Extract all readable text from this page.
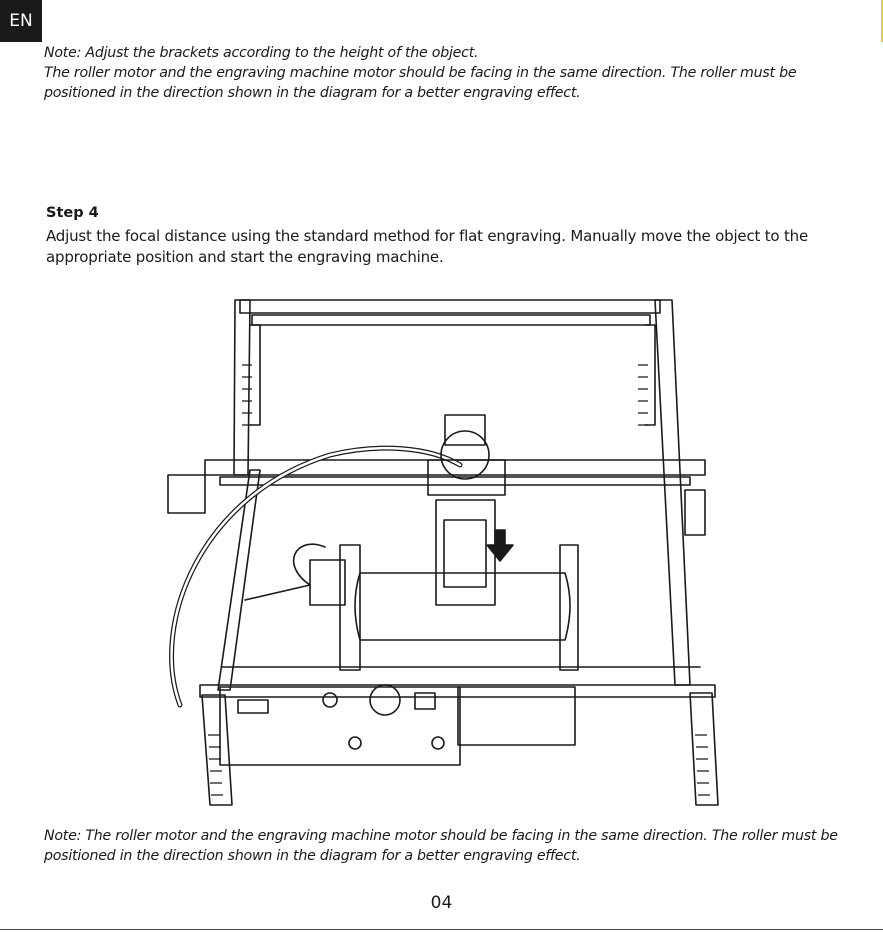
EN

Note: Adjust the brackets according to the height of the object.

The roller motor and the engraving machine motor should be facing in the same direction. The roller must be positioned in the direction shown in the diagram for a better engraving effect.

Step 4

Adjust the focal distance using the standard method for flat engraving. Manually move the object to the appropriate position and start the engraving machine.

Note: The roller motor and the engraving machine motor should be facing in the same direction. The roller must be positioned in the direction shown in the diagram for a better engraving effect.

04
